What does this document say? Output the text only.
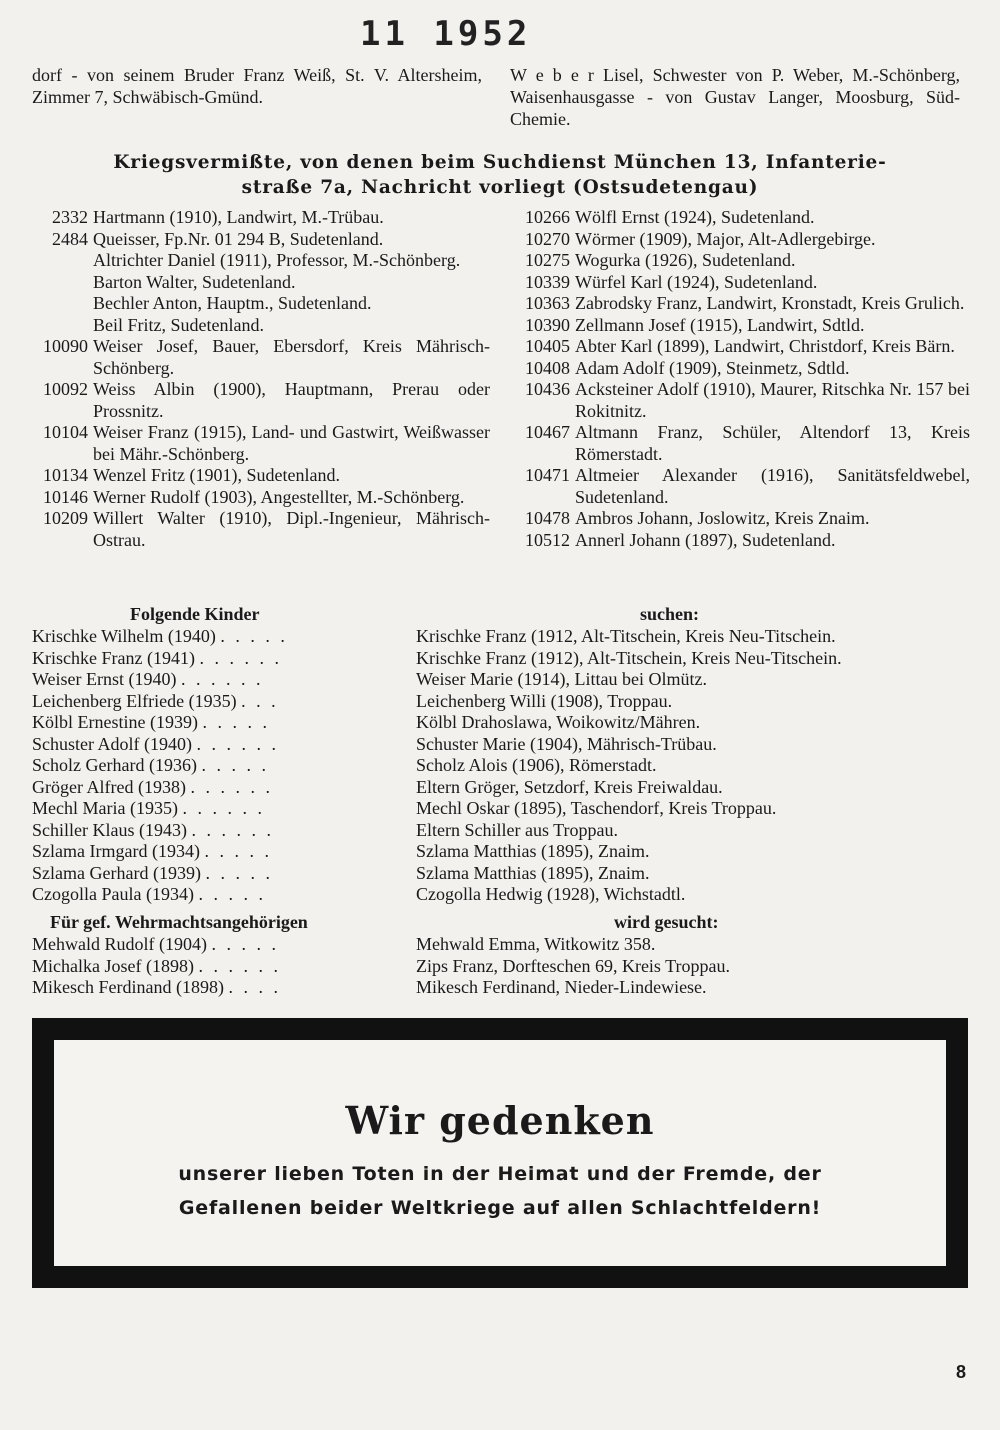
11 1952

dorf - von seinem Bruder Franz Weiß, St. V. Altersheim, Zimmer 7, Schwäbisch-Gmünd.

W e b e r Lisel, Schwester von P. Weber, M.-Schönberg, Waisenhausgasse - von Gustav Langer, Moosburg, Süd-Chemie.

Kriegsvermißte, von denen beim Suchdienst München 13, Infanterie-
straße 7a, Nachricht vorliegt (Ostsudetengau)
2332 Hartmann (1910), Landwirt, M.-Trübau.
2484 Queisser, Fp.Nr. 01 294 B, Sudetenland.
Altrichter Daniel (1911), Professor, M.-Schönberg.
Barton Walter, Sudetenland.
Bechler Anton, Hauptm., Sudetenland.
Beil Fritz, Sudetenland.
10090 Weiser Josef, Bauer, Ebersdorf, Kreis Mährisch-Schönberg.
10092 Weiss Albin (1900), Hauptmann, Prerau oder Prossnitz.
10104 Weiser Franz (1915), Land- und Gastwirt, Weißwasser bei Mähr.-Schönberg.
10134 Wenzel Fritz (1901), Sudetenland.
10146 Werner Rudolf (1903), Angestellter, M.-Schönberg.
10209 Willert Walter (1910), Dipl.-Ingenieur, Mährisch-Ostrau.
10266 Wölfl Ernst (1924), Sudetenland.
10270 Wörmer (1909), Major, Alt-Adlergebirge.
10275 Wogurka (1926), Sudetenland.
10339 Würfel Karl (1924), Sudetenland.
10363 Zabrodsky Franz, Landwirt, Kronstadt, Kreis Grulich.
10390 Zellmann Josef (1915), Landwirt, Sdtld.
10405 Abter Karl (1899), Landwirt, Christdorf, Kreis Bärn.
10408 Adam Adolf (1909), Steinmetz, Sdtld.
10436 Acksteiner Adolf (1910), Maurer, Ritschka Nr. 157 bei Rokitnitz.
10467 Altmann Franz, Schüler, Altendorf 13, Kreis Römerstadt.
10471 Altmeier Alexander (1916), Sanitätsfeldwebel, Sudetenland.
10478 Ambros Johann, Joslowitz, Kreis Znaim.
10512 Annerl Johann (1897), Sudetenland.
Folgende Kinder	suchen:
Krischke Wilhelm (1940) . . . . .	Krischke Franz (1912, Alt-Titschein, Kreis Neu-Titschein.
Krischke Franz (1941) . . . . . .	Krischke Franz (1912), Alt-Titschein, Kreis Neu-Titschein.
Weiser Ernst (1940) . . . . . .	Weiser Marie (1914), Littau bei Olmütz.
Leichenberg Elfriede (1935) . . .	Leichenberg Willi (1908), Troppau.
Kölbl Ernestine (1939) . . . . .	Kölbl Drahoslawa, Woikowitz/Mähren.
Schuster Adolf (1940) . . . . . .	Schuster Marie (1904), Mährisch-Trübau.
Scholz Gerhard (1936) . . . . .	Scholz Alois (1906), Römerstadt.
Gröger Alfred (1938) . . . . . .	Eltern Gröger, Setzdorf, Kreis Freiwaldau.
Mechl Maria (1935) . . . . . .	Mechl Oskar (1895), Taschendorf, Kreis Troppau.
Schiller Klaus (1943) . . . . . .	Eltern Schiller aus Troppau.
Szlama Irmgard (1934) . . . . .	Szlama Matthias (1895), Znaim.
Szlama Gerhard (1939) . . . . .	Szlama Matthias (1895), Znaim.
Czogolla Paula (1934) . . . . .	Czogolla Hedwig (1928), Wichstadtl.
Für gef. Wehrmachtsangehörigen	wird gesucht:
Mehwald Rudolf (1904) . . . . .	Mehwald Emma, Witkowitz 358.
Michalka Josef (1898) . . . . . .	Zips Franz, Dorfteschen 69, Kreis Troppau.
Mikesch Ferdinand (1898) . . . .	Mikesch Ferdinand, Nieder-Lindewiese.
Wir gedenken
unserer lieben Toten in der Heimat und der Fremde, der
Gefallenen beider Weltkriege auf allen Schlachtfeldern!
8
